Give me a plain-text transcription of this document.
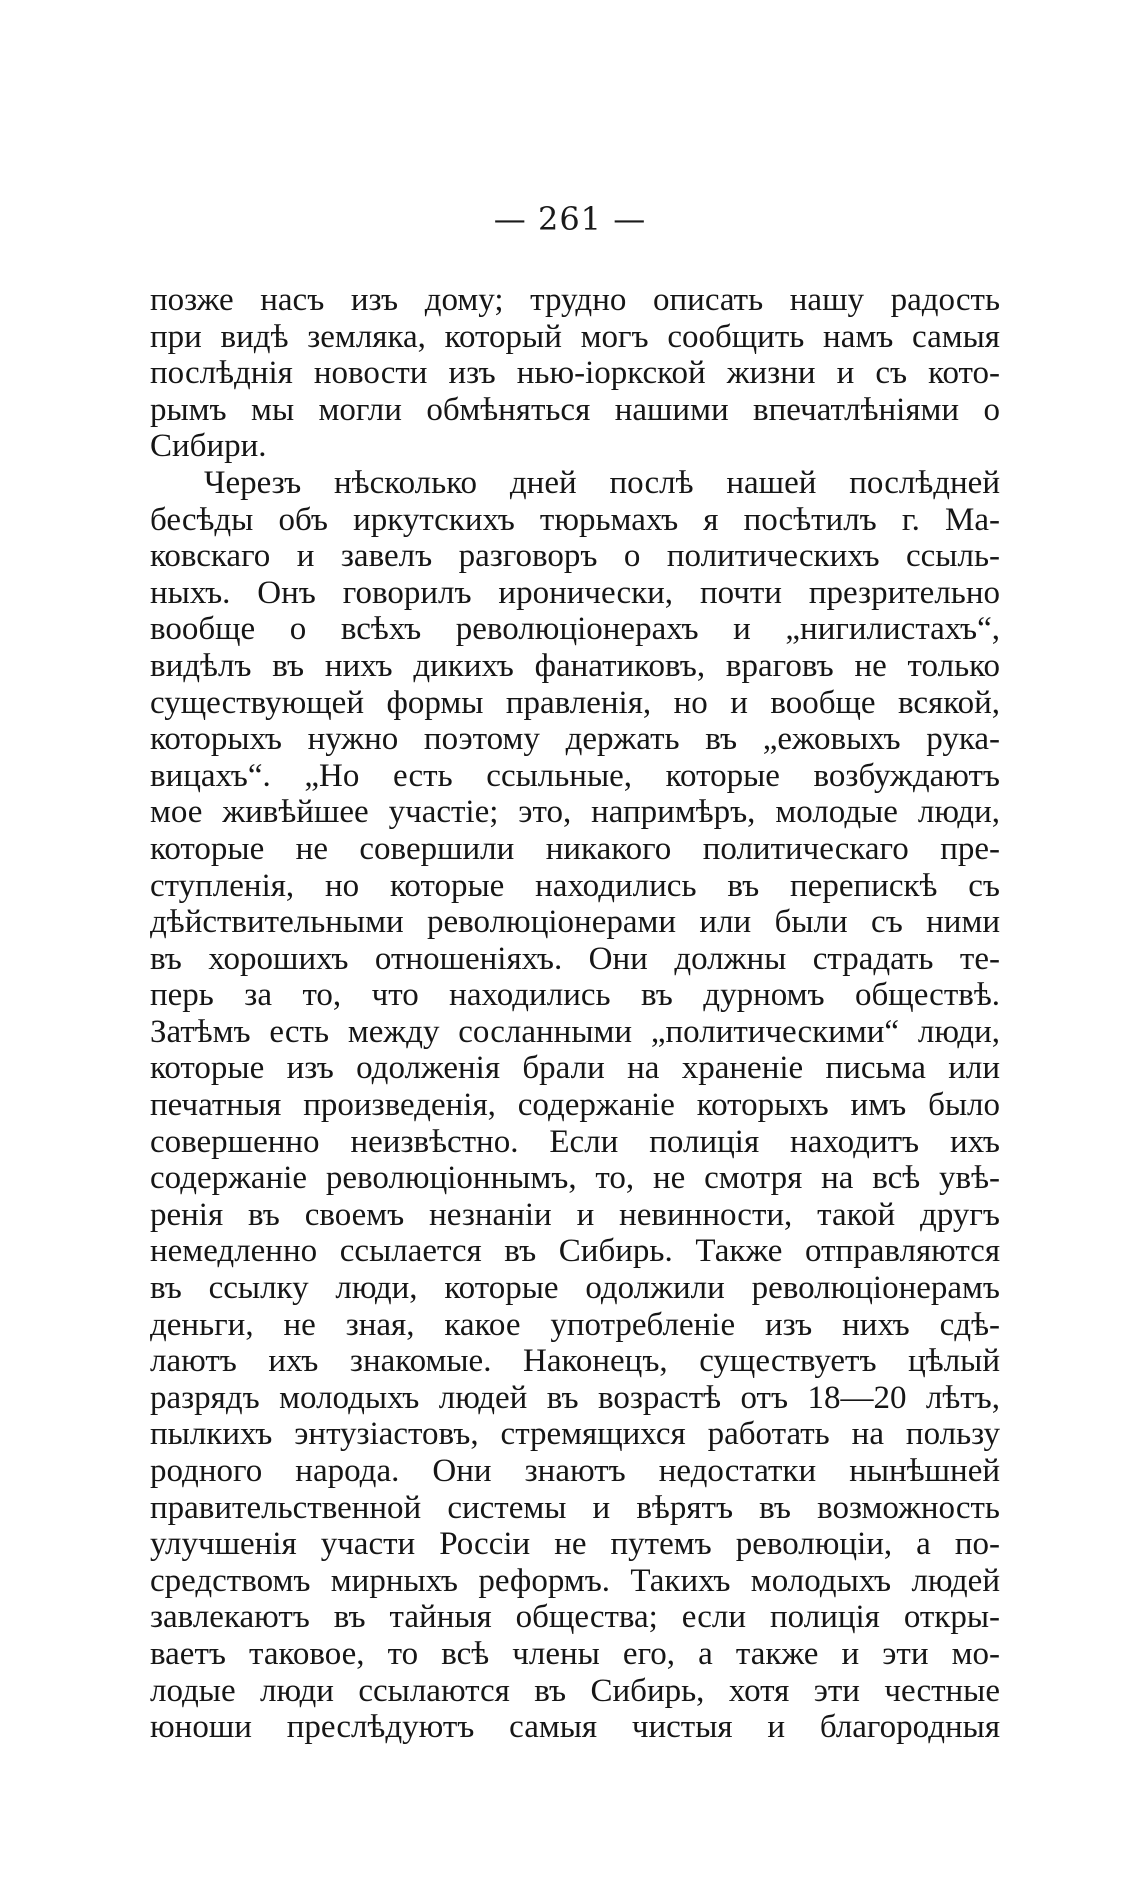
— 261 —
позже насъ изъ дому; трудно описать нашу радость
при видѣ земляка, который могъ сообщить намъ самыя
послѣднія новости изъ нью-іоркской жизни и съ кото-
рымъ мы могли обмѣняться нашими впечатлѣніями о
Сибири.
Черезъ нѣсколько дней послѣ нашей послѣдней
бесѣды объ иркутскихъ тюрьмахъ я посѣтилъ г. Ма-
ковскаго и завелъ разговоръ о политическихъ ссыль-
ныхъ. Онъ говорилъ иронически, почти презрительно
вообще о всѣхъ революціонерахъ и „нигилистахъ“,
видѣлъ въ нихъ дикихъ фанатиковъ, враговъ не только
существующей формы правленія, но и вообще всякой,
которыхъ нужно поэтому держать въ „ежовыхъ рука-
вицахъ“. „Но есть ссыльные, которые возбуждаютъ
мое живѣйшее участіе; это, напримѣръ, молодые люди,
которые не совершили никакого политическаго пре-
ступленія, но которые находились въ перепискѣ съ
дѣйствительными революціонерами или были съ ними
въ хорошихъ отношеніяхъ. Они должны страдать те-
перь за то, что находились въ дурномъ обществѣ.
Затѣмъ есть между сосланными „политическими“ люди,
которые изъ одолженія брали на храненіе письма или
печатныя произведенія, содержаніе которыхъ имъ было
совершенно неизвѣстно. Если полиція находитъ ихъ
содержаніе революціоннымъ, то, не смотря на всѣ увѣ-
ренія въ своемъ незнаніи и невинности, такой другъ
немедленно ссылается въ Сибирь. Также отправляются
въ ссылку люди, которые одолжили революціонерамъ
деньги, не зная, какое употребленіе изъ нихъ сдѣ-
лаютъ ихъ знакомые. Наконецъ, существуетъ цѣлый
разрядъ молодыхъ людей въ возрастѣ отъ 18—20 лѣтъ,
пылкихъ энтузіастовъ, стремящихся работать на пользу
родного народа. Они знаютъ недостатки нынѣшней
правительственной системы и вѣрятъ въ возможность
улучшенія участи Россіи не путемъ революціи, а по-
средствомъ мирныхъ реформъ. Такихъ молодыхъ людей
завлекаютъ въ тайныя общества; если полиція откры-
ваетъ таковое, то всѣ члены его, а также и эти мо-
лодые люди ссылаются въ Сибирь, хотя эти честные
юноши преслѣдуютъ самыя чистыя и благородныя
